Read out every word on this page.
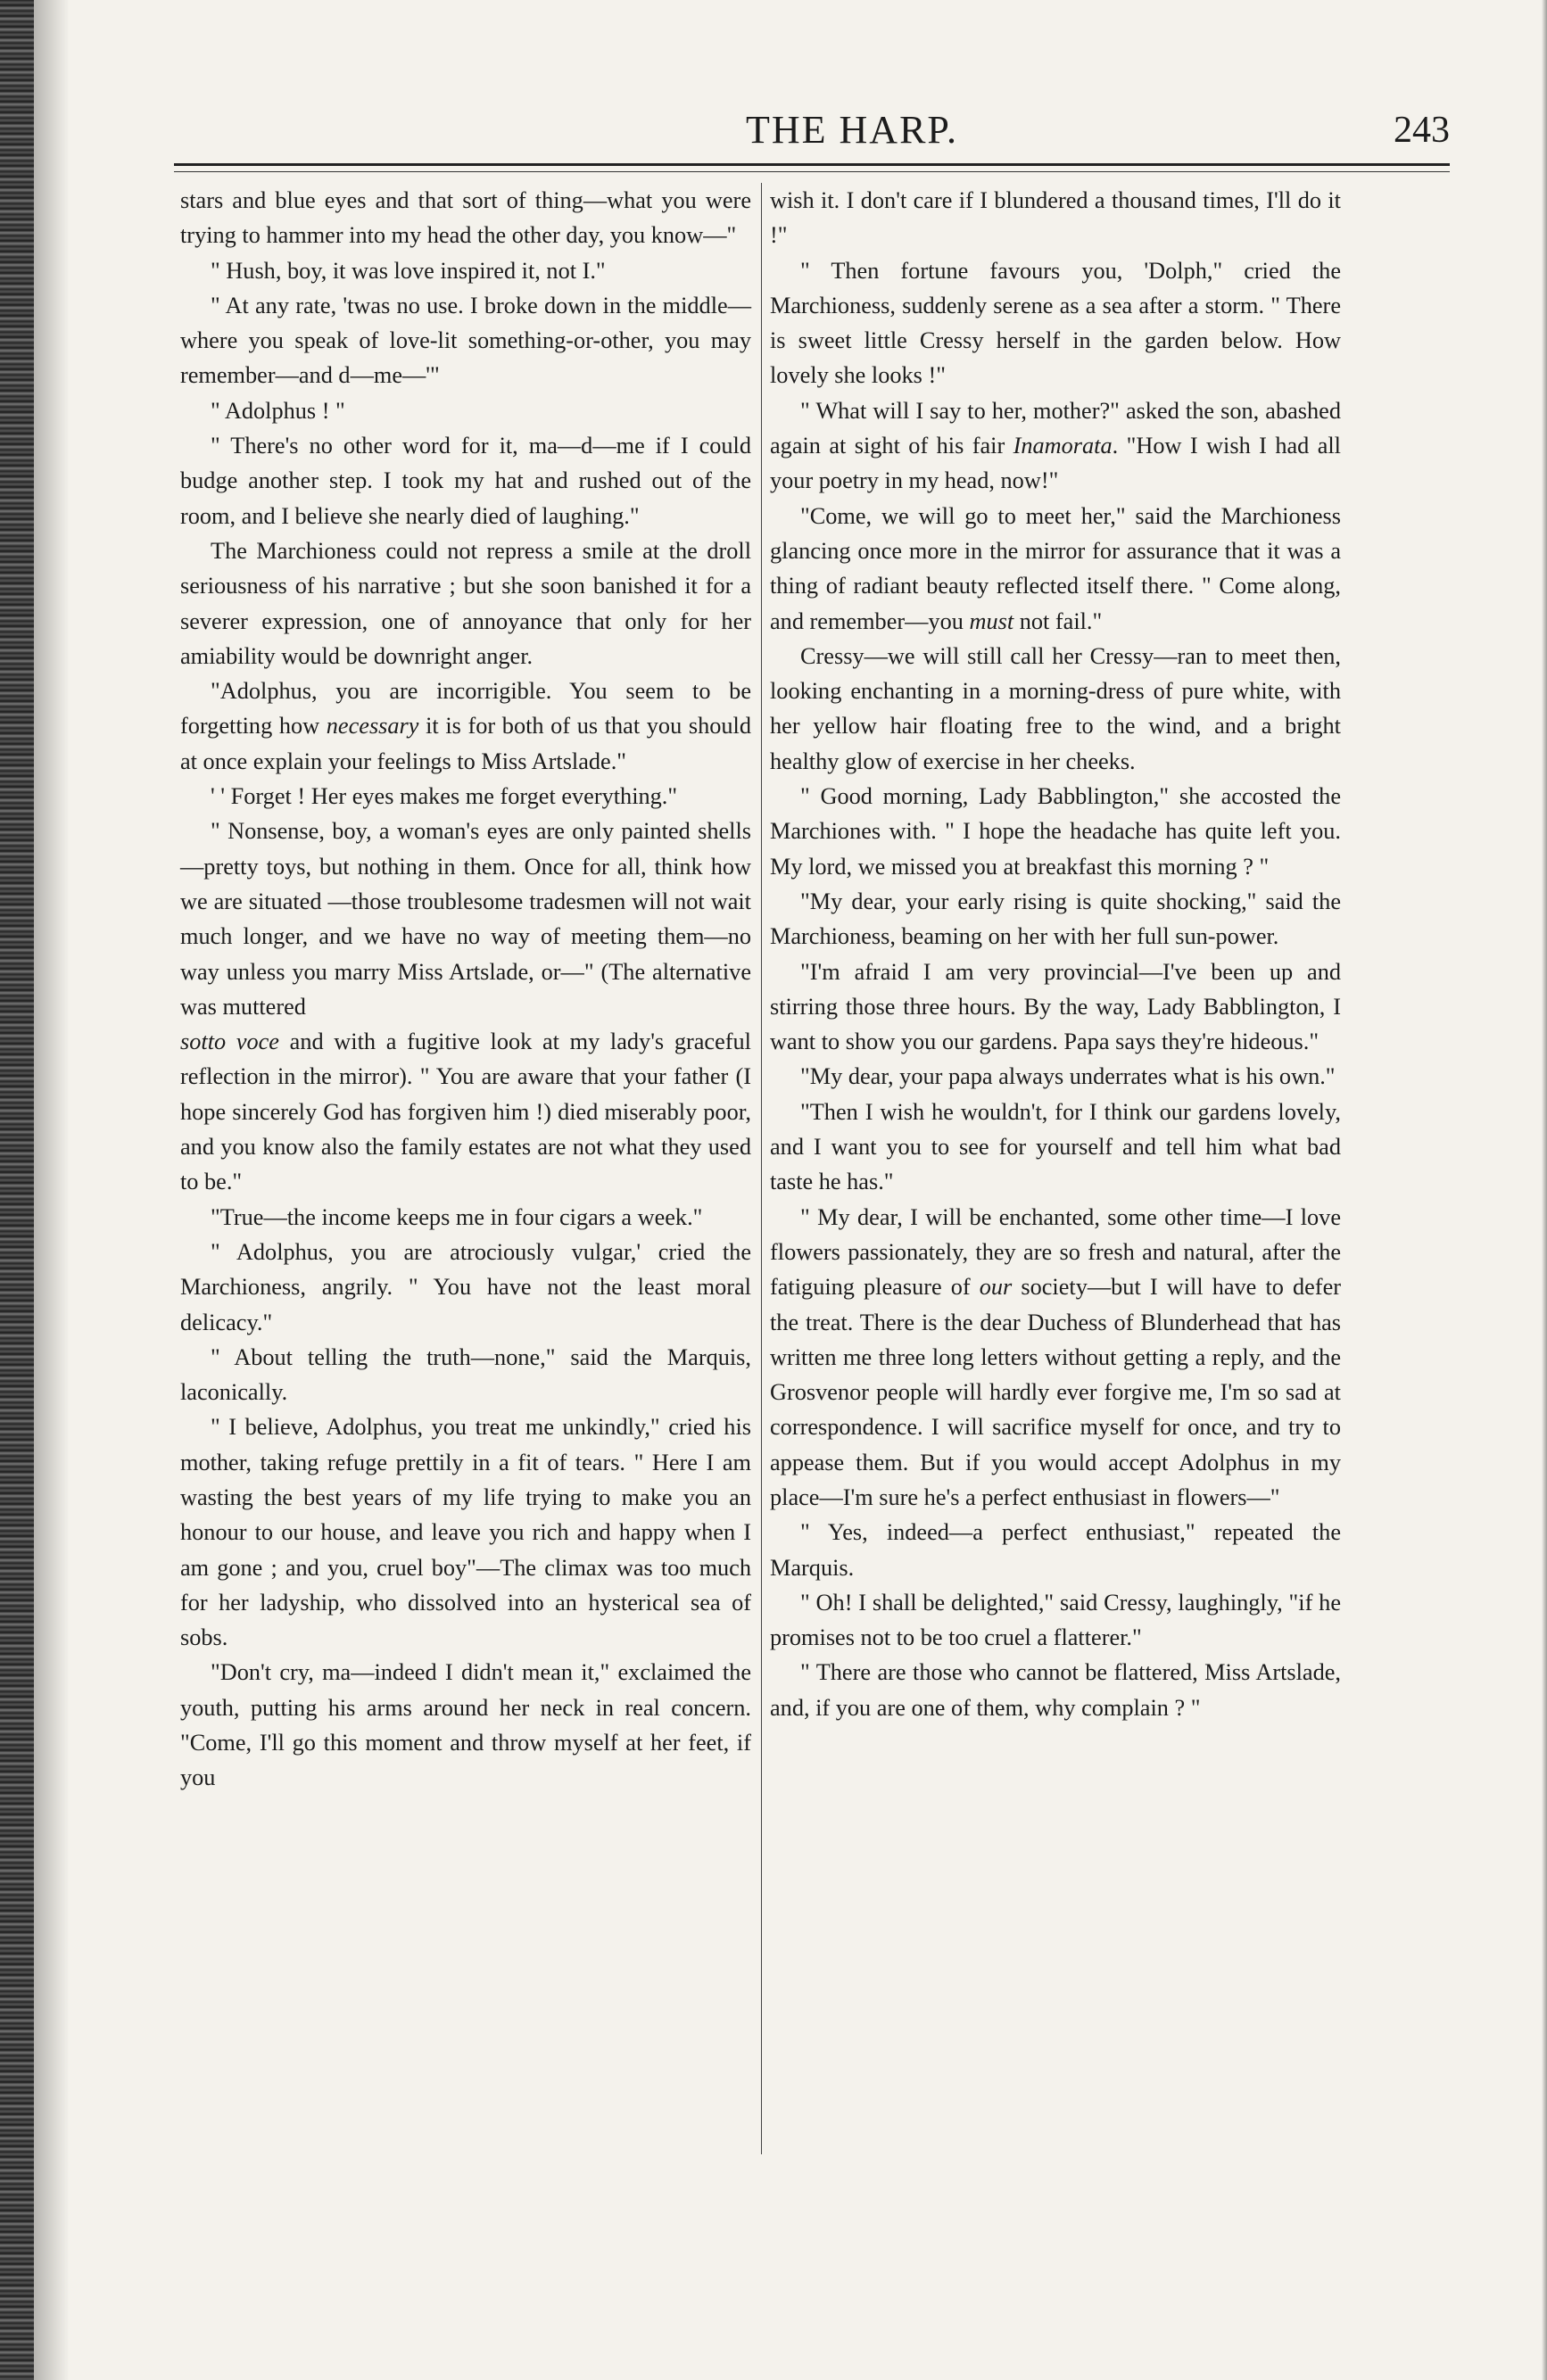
THE HARP.	243

stars and blue eyes and that sort of thing—what you were trying to hammer into my head the other day, you know—"

" Hush, boy, it was love inspired it, not I."

" At any rate, 'twas no use. I broke down in the middle—where you speak of love-lit something-or-other, you may remember—and d—me—'"

" Adolphus ! "

" There's no other word for it, ma—d—me if I could budge another step. I took my hat and rushed out of the room, and I believe she nearly died of laughing."

The Marchioness could not repress a smile at the droll seriousness of his narrative ; but she soon banished it for a severer expression, one of annoyance that only for her amiability would be downright anger.

"Adolphus, you are incorrigible. You seem to be forgetting how necessary it is for both of us that you should at once explain your feelings to Miss Artslade."

' ' Forget ! Her eyes makes me forget everything."

" Nonsense, boy, a woman's eyes are only painted shells—pretty toys, but nothing in them. Once for all, think how we are situated —those troublesome tradesmen will not wait much longer, and we have no way of meeting them—no way unless you marry Miss Artslade, or—" (The alternative was muttered

sotto voce and with a fugitive look at my lady's graceful reflection in the mirror). " You are aware that your father (I hope sincerely God has forgiven him !) died miserably poor, and you know also the family estates are not what they used to be."

"True—the income keeps me in four cigars a week."

" Adolphus, you are atrociously vulgar,' cried the Marchioness, angrily. " You have not the least moral delicacy."

" About telling the truth—none," said the Marquis, laconically.

" I believe, Adolphus, you treat me unkindly," cried his mother, taking refuge prettily in a fit of tears. " Here I am wasting the best years of my life trying to make you an honour to our house, and leave you rich and happy when I am gone ; and you, cruel boy"—The climax was too much for her ladyship, who dissolved into an hysterical sea of sobs.

"Don't cry, ma—indeed I didn't mean it," exclaimed the youth, putting his arms around her neck in real concern. "Come, I'll go this moment and throw myself at her feet, if you

wish it. I don't care if I blundered a thousand times, I'll do it !"

" Then fortune favours you, 'Dolph," cried the Marchioness, suddenly serene as a sea after a storm. " There is sweet little Cressy herself in the garden below. How lovely she looks !"

" What will I say to her, mother?" asked the son, abashed again at sight of his fair Inamorata. "How I wish I had all your poetry in my head, now!"

"Come, we will go to meet her," said the Marchioness glancing once more in the mirror for assurance that it was a thing of radiant beauty reflected itself there. " Come along, and remember—you must not fail."

Cressy—we will still call her Cressy—ran to meet then, looking enchanting in a morning-dress of pure white, with her yellow hair floating free to the wind, and a bright healthy glow of exercise in her cheeks.

" Good morning, Lady Babblington," she accosted the Marchiones with. " I hope the headache has quite left you. My lord, we missed you at breakfast this morning ? "

"My dear, your early rising is quite shocking," said the Marchioness, beaming on her with her full sun-power.

"I'm afraid I am very provincial—I've been up and stirring those three hours. By the way, Lady Babblington, I want to show you our gardens. Papa says they're hideous."

"My dear, your papa always underrates what is his own."

"Then I wish he wouldn't, for I think our gardens lovely, and I want you to see for yourself and tell him what bad taste he has."

" My dear, I will be enchanted, some other time—I love flowers passionately, they are so fresh and natural, after the fatiguing pleasure of our society—but I will have to defer the treat. There is the dear Duchess of Blunderhead that has written me three long letters without getting a reply, and the Grosvenor people will hardly ever forgive me, I'm so sad at correspondence. I will sacrifice myself for once, and try to appease them. But if you would accept Adolphus in my place—I'm sure he's a perfect enthusiast in flowers—"

" Yes, indeed—a perfect enthusiast," repeated the Marquis.

" Oh! I shall be delighted," said Cressy, laughingly, "if he promises not to be too cruel a flatterer."

" There are those who cannot be flattered, Miss Artslade, and, if you are one of them, why complain ? "
